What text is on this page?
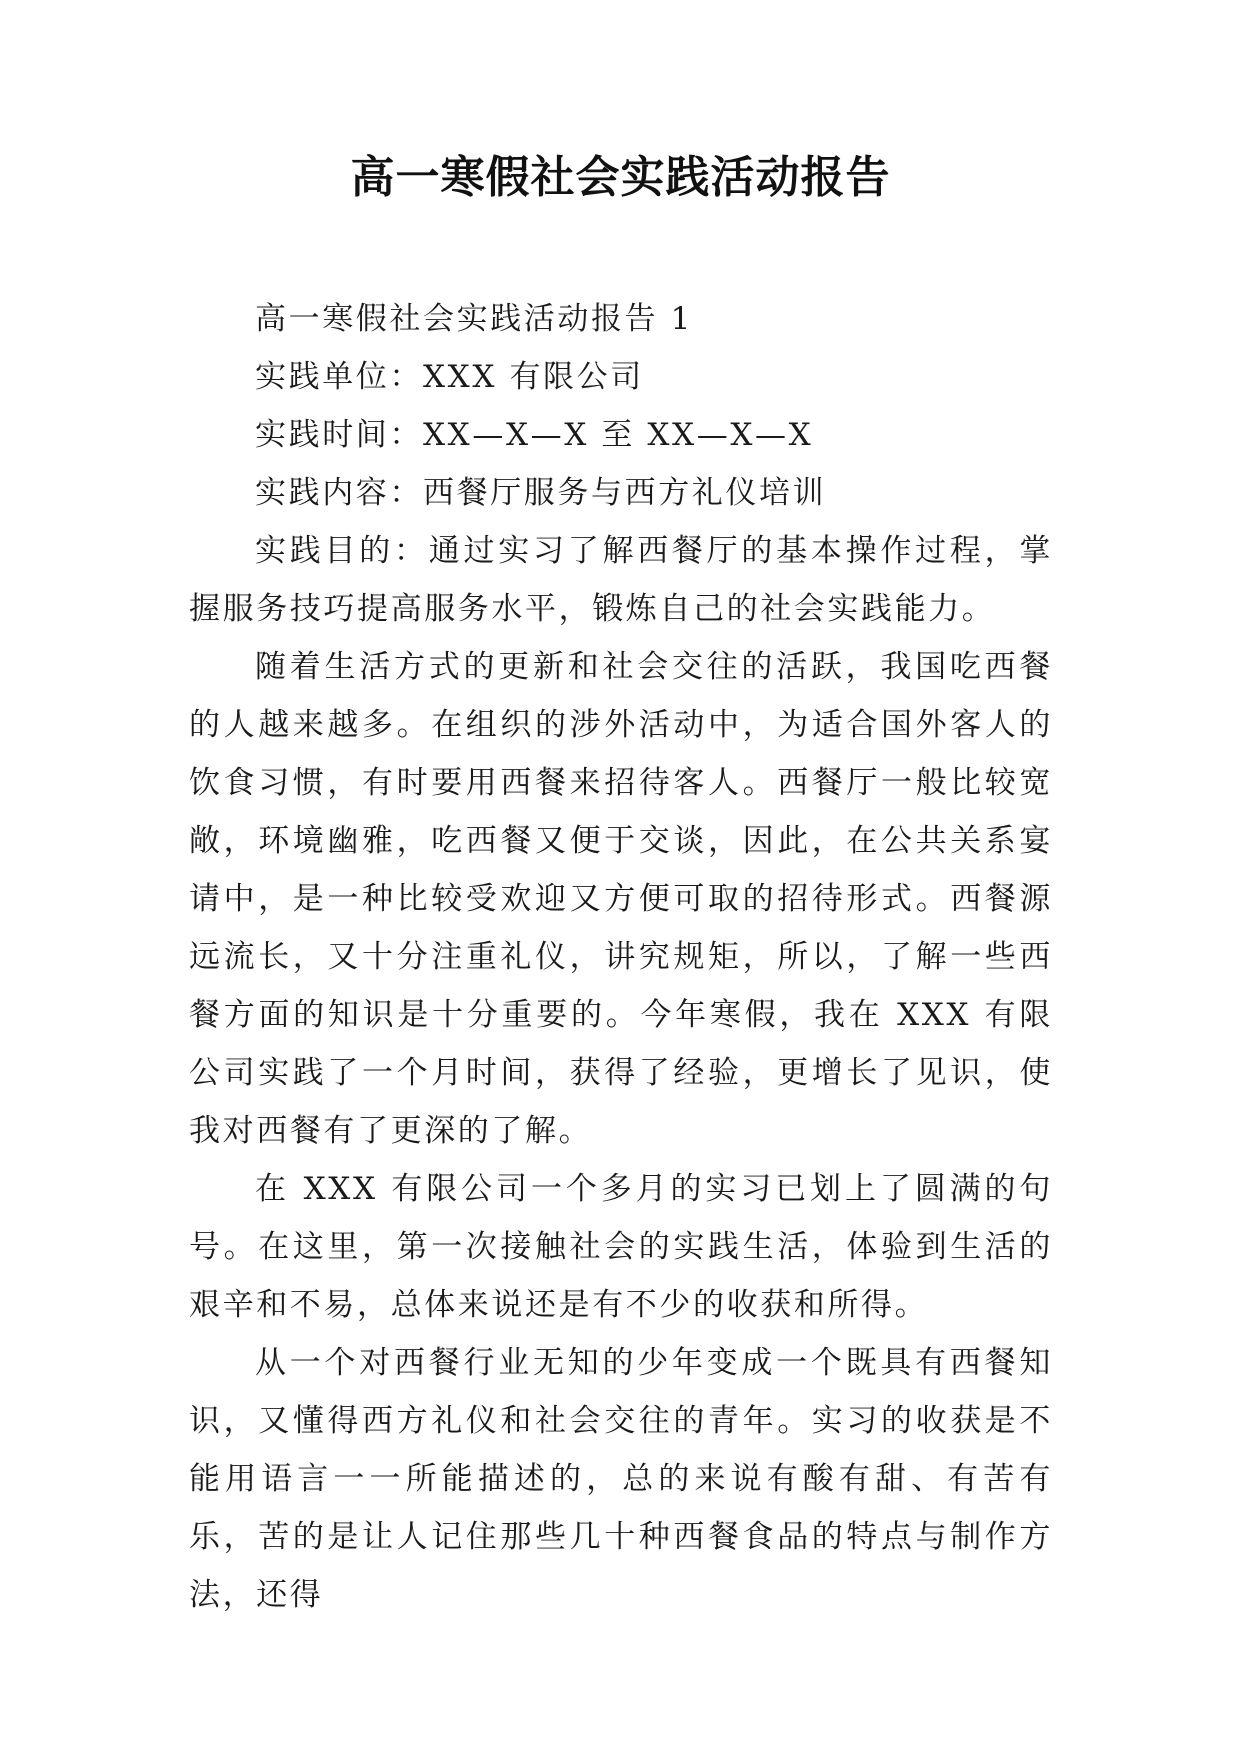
高一寒假社会实践活动报告

高一寒假社会实践活动报告 1

实践单位：XXX 有限公司

实践时间：XX—X—X 至 XX—X—X

实践内容：西餐厅服务与西方礼仪培训

实践目的：通过实习了解西餐厅的基本操作过程，掌握服务技巧提高服务水平，锻炼自己的社会实践能力。

随着生活方式的更新和社会交往的活跃，我国吃西餐的人越来越多。在组织的涉外活动中，为适合国外客人的饮食习惯，有时要用西餐来招待客人。西餐厅一般比较宽敞，环境幽雅，吃西餐又便于交谈，因此，在公共关系宴请中，是一种比较受欢迎又方便可取的招待形式。西餐源远流长，又十分注重礼仪，讲究规矩，所以，了解一些西餐方面的知识是十分重要的。今年寒假，我在 XXX 有限公司实践了一个月时间，获得了经验，更增长了见识，使我对西餐有了更深的了解。

在 XXX 有限公司一个多月的实习已划上了圆满的句号。在这里，第一次接触社会的实践生活，体验到生活的艰辛和不易，总体来说还是有不少的收获和所得。

从一个对西餐行业无知的少年变成一个既具有西餐知识，又懂得西方礼仪和社会交往的青年。实习的收获是不能用语言一一所能描述的，总的来说有酸有甜、有苦有乐，苦的是让人记住那些几十种西餐食品的特点与制作方法，还得
